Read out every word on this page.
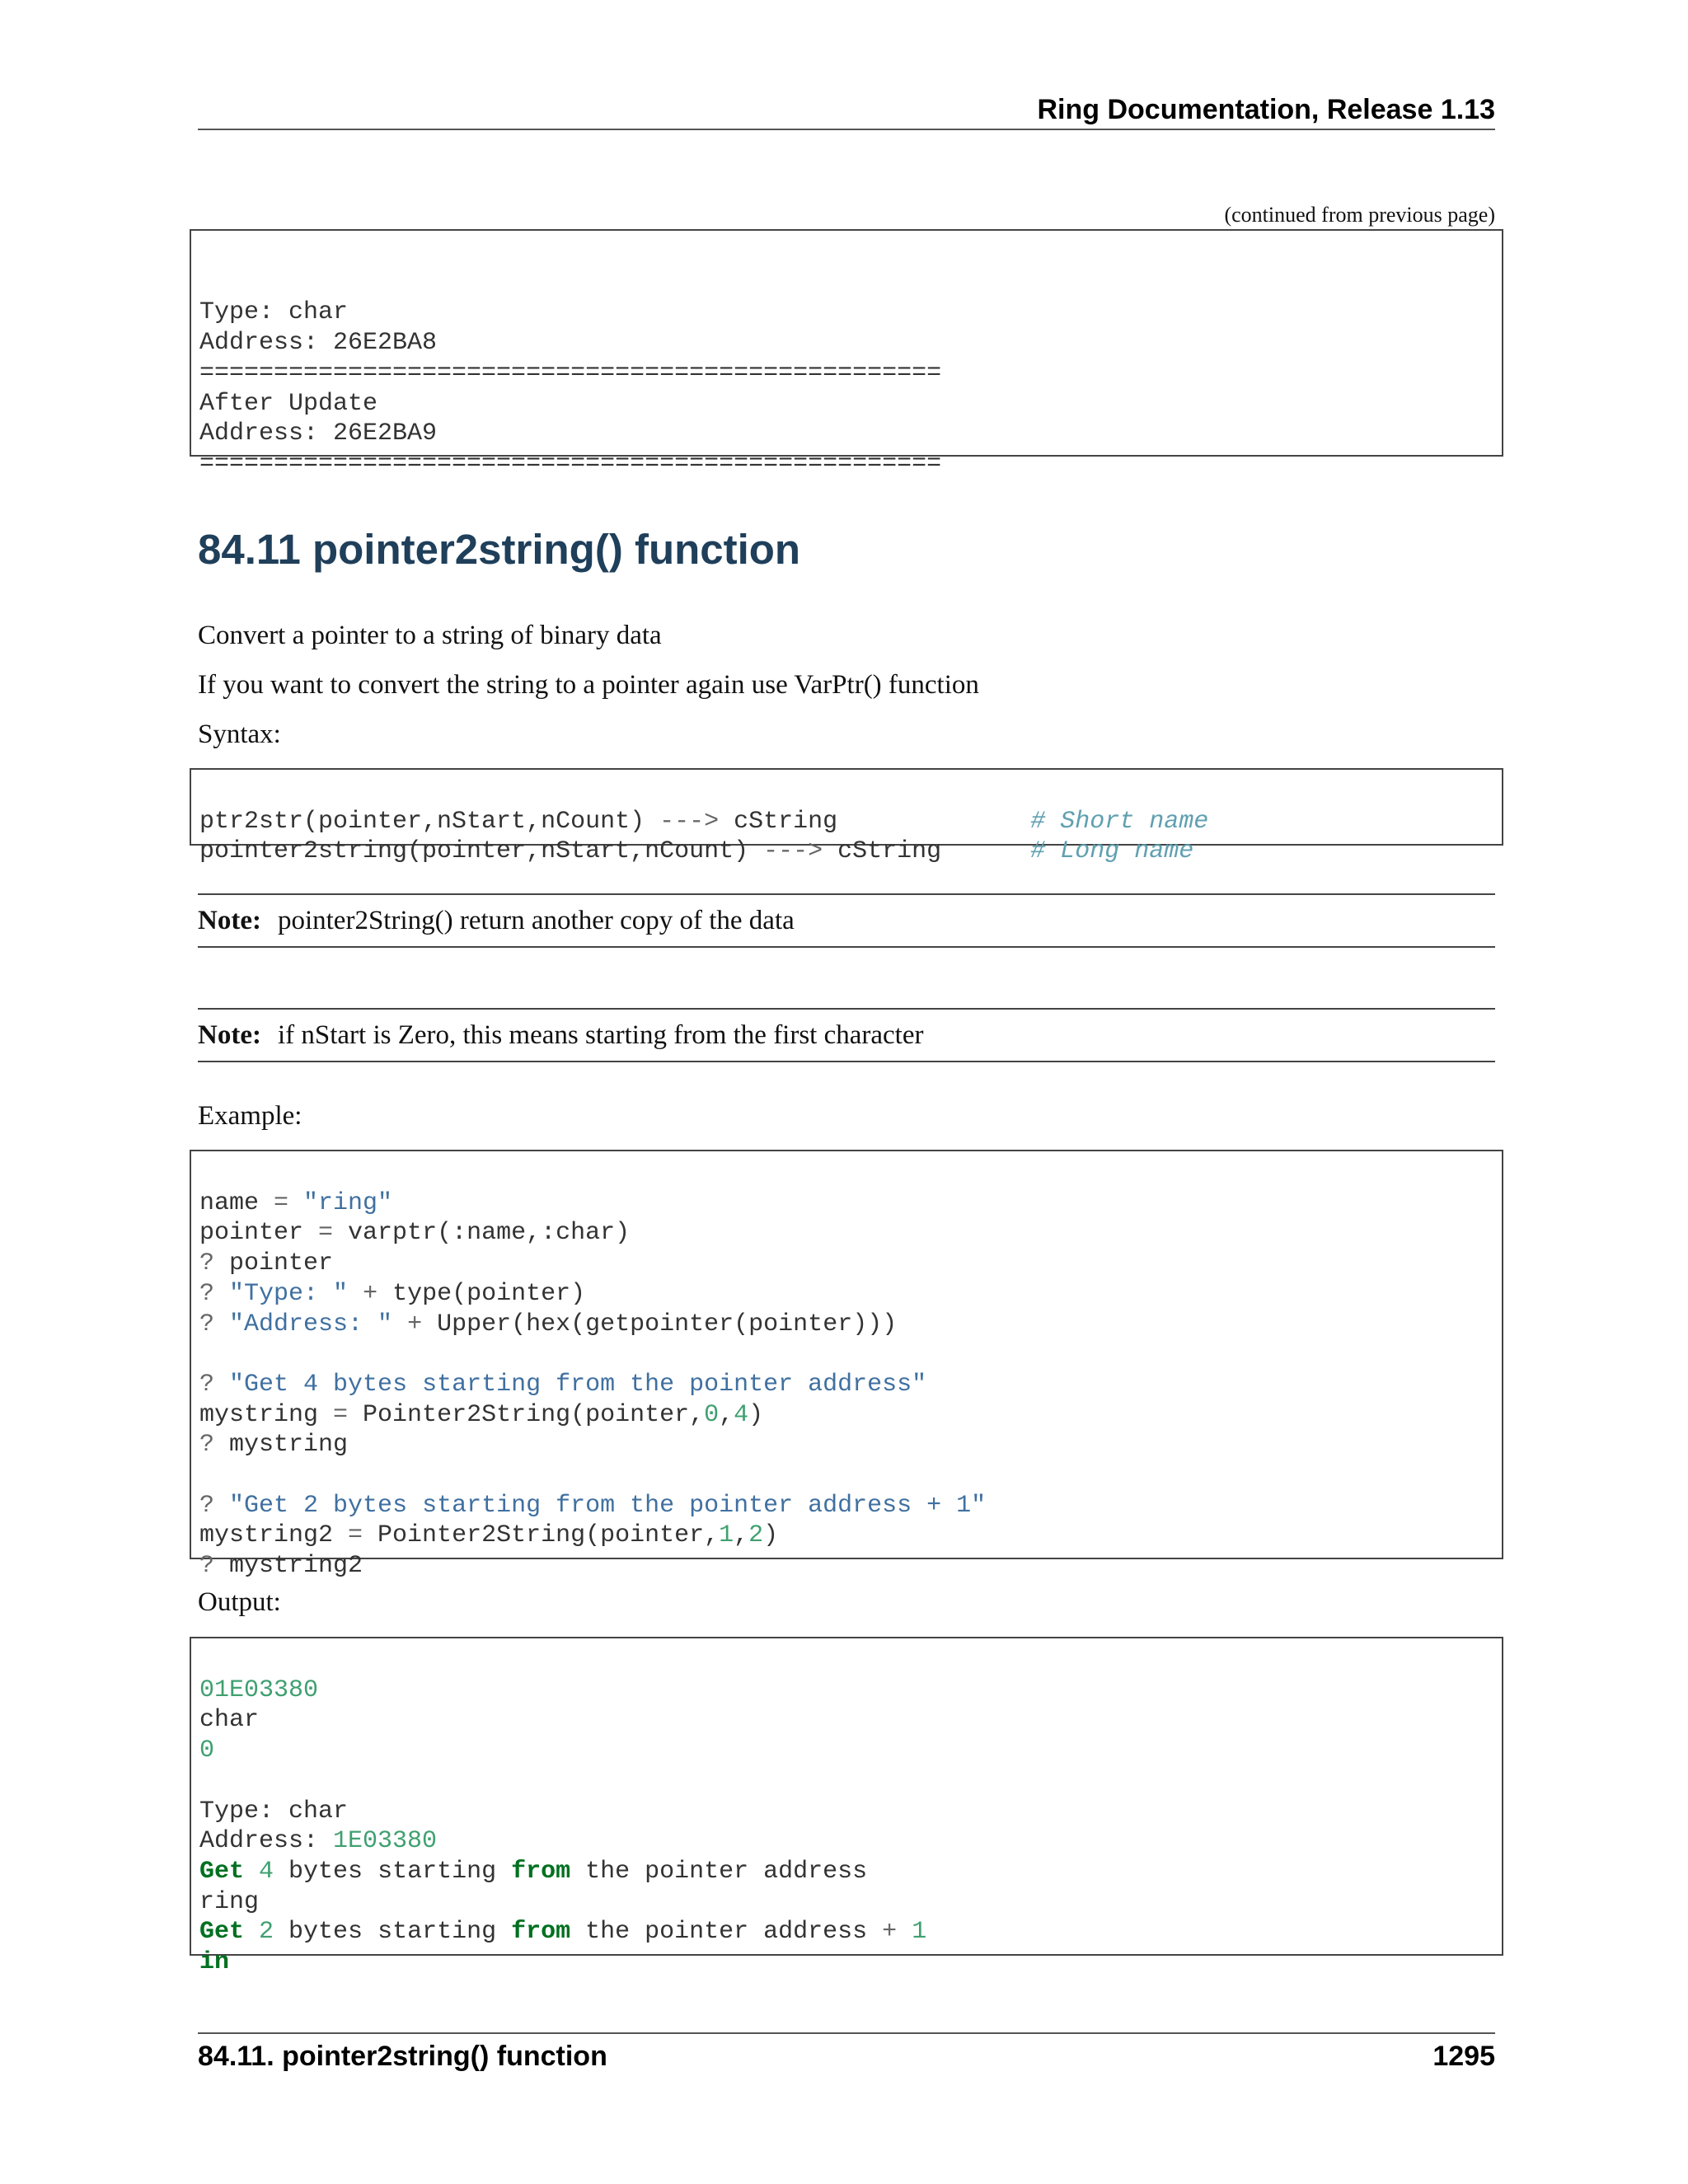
Ring Documentation, Release 1.13
(continued from previous page)

Type: char
Address: 26E2BA8
==================================================
After Update
Address: 26E2BA9
==================================================

84.11 pointer2string() function

Convert a pointer to a string of binary data

If you want to convert the string to a pointer again use VarPtr() function

Syntax:

ptr2str(pointer,nStart,nCount) ---> cString	# Short name
pointer2string(pointer,nStart,nCount) ---> cString	# Long name

Note: pointer2String() return another copy of the data
Note: if nStart is Zero, this means starting from the first character

Example:

name = "ring"
pointer = varptr(:name,:char)
? pointer
? "Type: " + type(pointer)
? "Address: " + Upper(hex(getpointer(pointer)))
? "Get 4 bytes starting from the pointer address"
mystring = Pointer2String(pointer,0,4)
? mystring
? "Get 2 bytes starting from the pointer address + 1"
mystring2 = Pointer2String(pointer,1,2)
? mystring2

Output:

01E03380
char
0
Type: char
Address: 1E03380
Get 4 bytes starting from the pointer address
ring
Get 2 bytes starting from the pointer address + 1
in

84.11. pointer2string() function	1295
